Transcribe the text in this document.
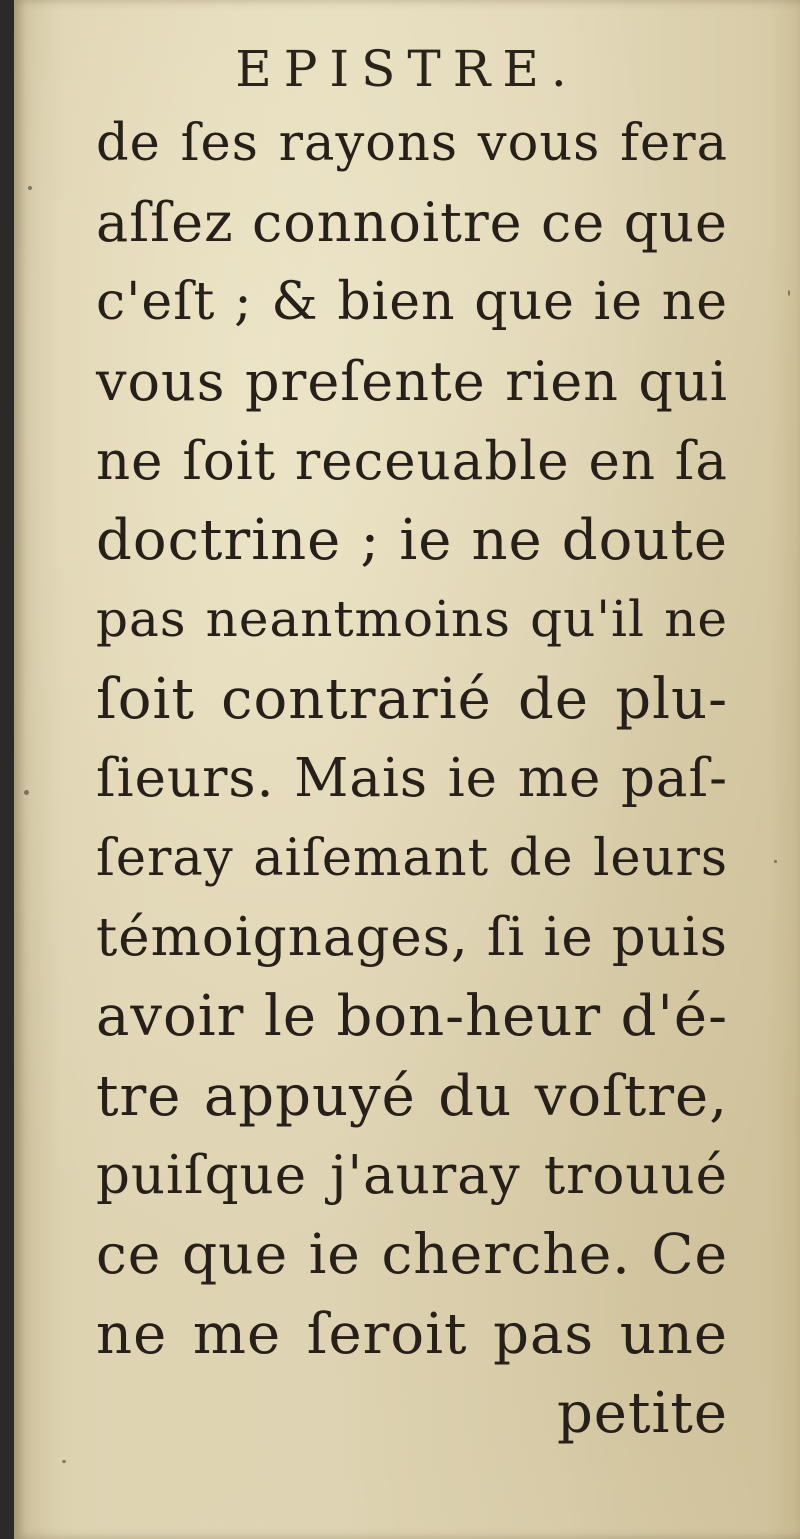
EPISTRE.
de ſes rayons vous fera
aſſez connoitre ce que
c'eſt ; & bien que ie ne
vous preſente rien qui
ne ſoit receuable en ſa
doctrine ; ie ne doute
pas neantmoins qu'il ne
ſoit contrarié de plu-
ſieurs. Mais ie me paſ-
ſeray aiſemant de leurs
témoignages, ſi ie puis
avoir le bon-heur d'é-
tre appuyé du voſtre,
puiſque j'auray trouué
ce que ie cherche. Ce
ne me ſeroit pas une
petite
